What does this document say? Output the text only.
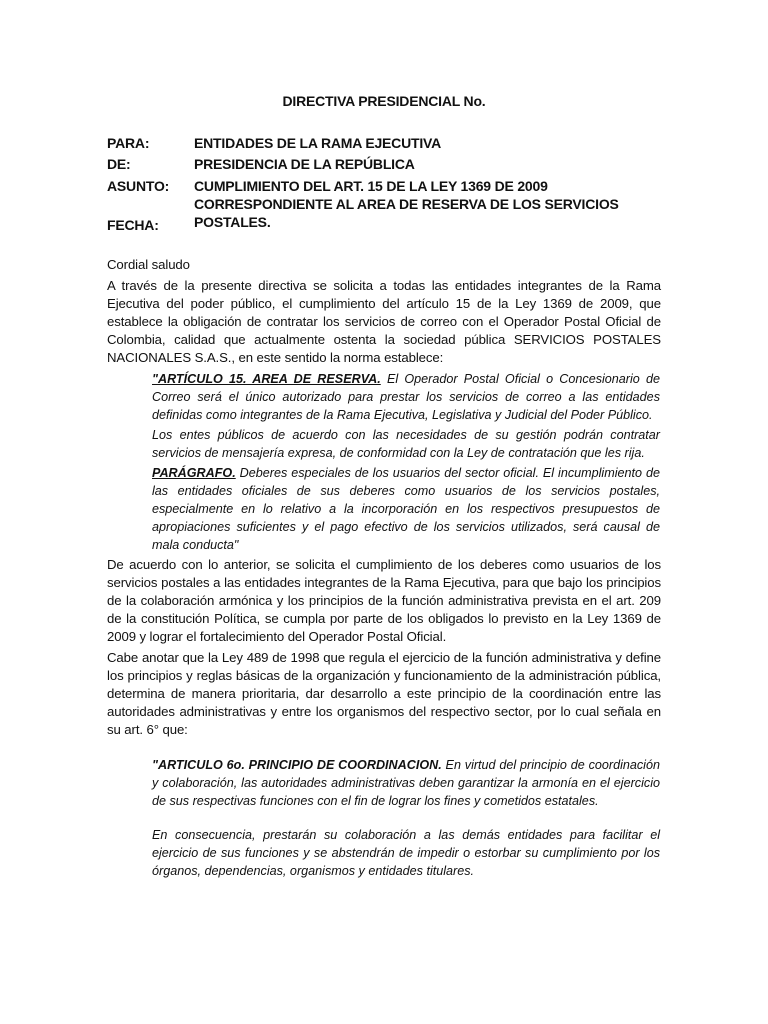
DIRECTIVA PRESIDENCIAL No.
PARA:	ENTIDADES DE LA RAMA EJECUTIVA
DE:	PRESIDENCIA DE LA REPÚBLICA
ASUNTO: CUMPLIMIENTO DEL ART. 15 DE LA LEY 1369 DE 2009 CORRESPONDIENTE AL AREA DE RESERVA DE LOS SERVICIOS POSTALES.
FECHA:
Cordial saludo
A través de la presente directiva se solicita a todas las entidades integrantes de la Rama Ejecutiva del poder público, el cumplimiento del artículo 15 de la Ley 1369 de 2009, que establece la obligación de contratar los servicios de correo con el Operador Postal Oficial de Colombia, calidad que actualmente ostenta la sociedad pública SERVICIOS POSTALES NACIONALES S.A.S., en este sentido la norma establece:
"ARTÍCULO 15. AREA DE RESERVA. El Operador Postal Oficial o Concesionario de Correo será el único autorizado para prestar los servicios de correo a las entidades definidas como integrantes de la Rama Ejecutiva, Legislativa y Judicial del Poder Público.
Los entes públicos de acuerdo con las necesidades de su gestión podrán contratar servicios de mensajería expresa, de conformidad con la Ley de contratación que les rija.
PARÁGRAFO. Deberes especiales de los usuarios del sector oficial. El incumplimiento de las entidades oficiales de sus deberes como usuarios de los servicios postales, especialmente en lo relativo a la incorporación en los respectivos presupuestos de apropiaciones suficientes y el pago efectivo de los servicios utilizados, será causal de mala conducta"
De acuerdo con lo anterior, se solicita el cumplimiento de los deberes como usuarios de los servicios postales a las entidades integrantes de la Rama Ejecutiva, para que bajo los principios de la colaboración armónica y los principios de la función administrativa prevista en el art. 209 de la constitución Política, se cumpla por parte de los obligados lo previsto en la Ley 1369 de 2009 y lograr el fortalecimiento del Operador Postal Oficial.
Cabe anotar que la Ley 489 de 1998 que regula el ejercicio de la función administrativa y define los principios y reglas básicas de la organización y funcionamiento de la administración pública, determina de manera prioritaria, dar desarrollo a este principio de la coordinación entre las autoridades administrativas y entre los organismos del respectivo sector, por lo cual señala en su art. 6° que:
"ARTICULO 6o. PRINCIPIO DE COORDINACION. En virtud del principio de coordinación y colaboración, las autoridades administrativas deben garantizar la armonía en el ejercicio de sus respectivas funciones con el fin de lograr los fines y cometidos estatales.
En consecuencia, prestarán su colaboración a las demás entidades para facilitar el ejercicio de sus funciones y se abstendrán de impedir o estorbar su cumplimiento por los órganos, dependencias, organismos y entidades titulares.
